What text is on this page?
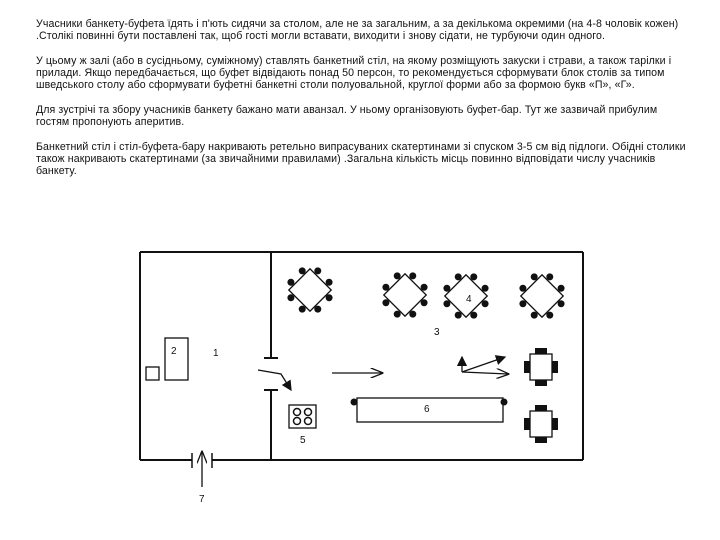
Учасники банкету-буфета їдять і п'ють сидячи за столом, але не за загальним, а за декількома окремими (на 4-8 чоловік кожен) .Столікі повинні бути поставлені так, щоб гості могли вставати, виходити і знову сідати, не турбуючи один одного.

У цьому ж залі (або в сусідньому, суміжному) ставлять банкетний стіл, на якому розміщують закуски і страви, а також тарілки і прилади. Якщо передбачається, що буфет відвідають понад 50 персон, то рекомендується сформувати блок столів за типом шведського столу або сформувати буфетні банкетні столи полуовальной, круглої форми або за формою букв «П», «Г».

Для зустрічі та збору учасників банкету бажано мати аванзал. У ньому організовують буфет-бар. Тут же зазвичай прибулим гостям пропонують аперитив.

Банкетний стіл і стіл-буфета-бару накривають ретельно випрасуваних скатертинами зі спуском 3-5 см від підлоги. Обідні столики також накривають скатертинами (за звичайними правилами) .Загальна кількість місць повинно відповідати числу учасників банкету.

1
2
3
4
5
6
7
